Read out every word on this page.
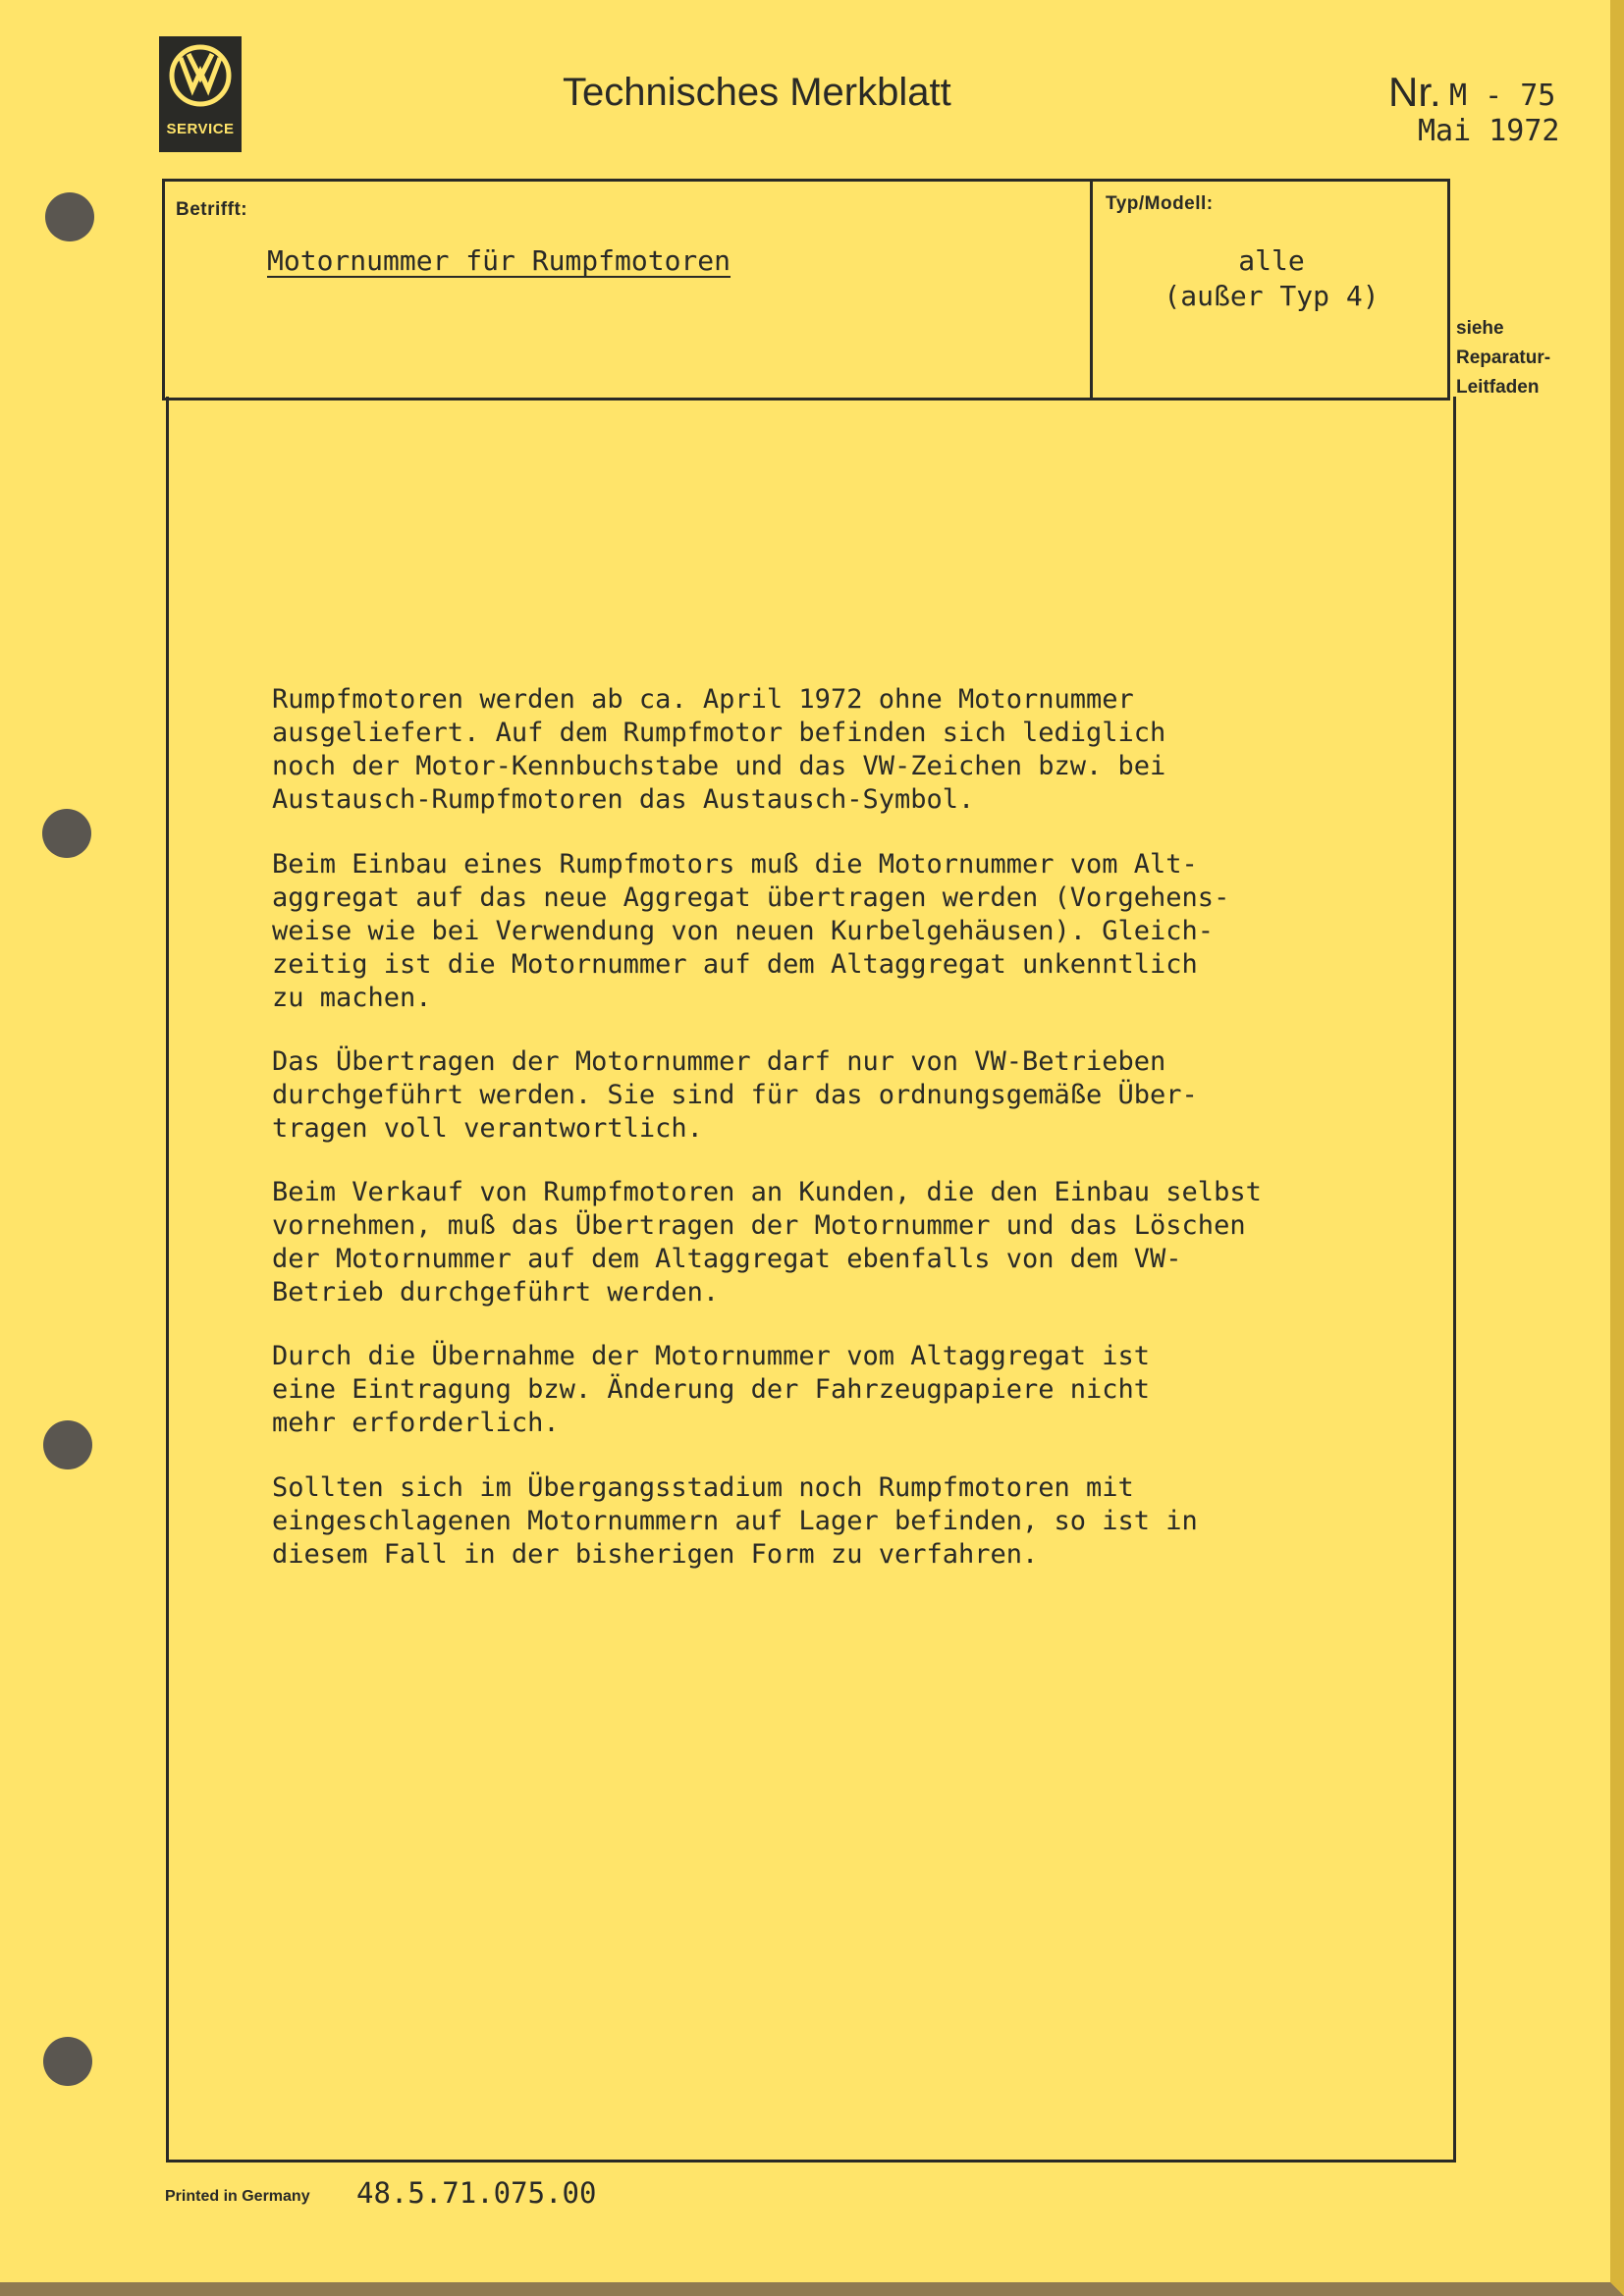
SERVICE
Technisches Merkblatt	Nr. M - 75
Mai 1972
Betrifft:
Motornummer für Rumpfmotoren
Typ/Modell:
alle
(außer Typ 4)
siehe
Reparatur-
Leitfaden

Rumpfmotoren werden ab ca. April 1972 ohne Motornummer
ausgeliefert. Auf dem Rumpfmotor befinden sich lediglich
noch der Motor-Kennbuchstabe und das VW-Zeichen bzw. bei
Austausch-Rumpfmotoren das Austausch-Symbol.

Beim Einbau eines Rumpfmotors muß die Motornummer vom Alt-
aggregat auf das neue Aggregat übertragen werden (Vorgehens-
weise wie bei Verwendung von neuen Kurbelgehäusen). Gleich-
zeitig ist die Motornummer auf dem Altaggregat unkenntlich
zu machen.

Das Übertragen der Motornummer darf nur von VW-Betrieben
durchgeführt werden. Sie sind für das ordnungsgemäße Über-
tragen voll verantwortlich.

Beim Verkauf von Rumpfmotoren an Kunden, die den Einbau selbst
vornehmen, muß das Übertragen der Motornummer und das Löschen
der Motornummer auf dem Altaggregat ebenfalls von dem VW-
Betrieb durchgeführt werden.

Durch die Übernahme der Motornummer vom Altaggregat ist
eine Eintragung bzw. Änderung der Fahrzeugpapiere nicht
mehr erforderlich.

Sollten sich im Übergangsstadium noch Rumpfmotoren mit
eingeschlagenen Motornummern auf Lager befinden, so ist in
diesem Fall in der bisherigen Form zu verfahren.

Printed in Germany 48.5.71.075.00
